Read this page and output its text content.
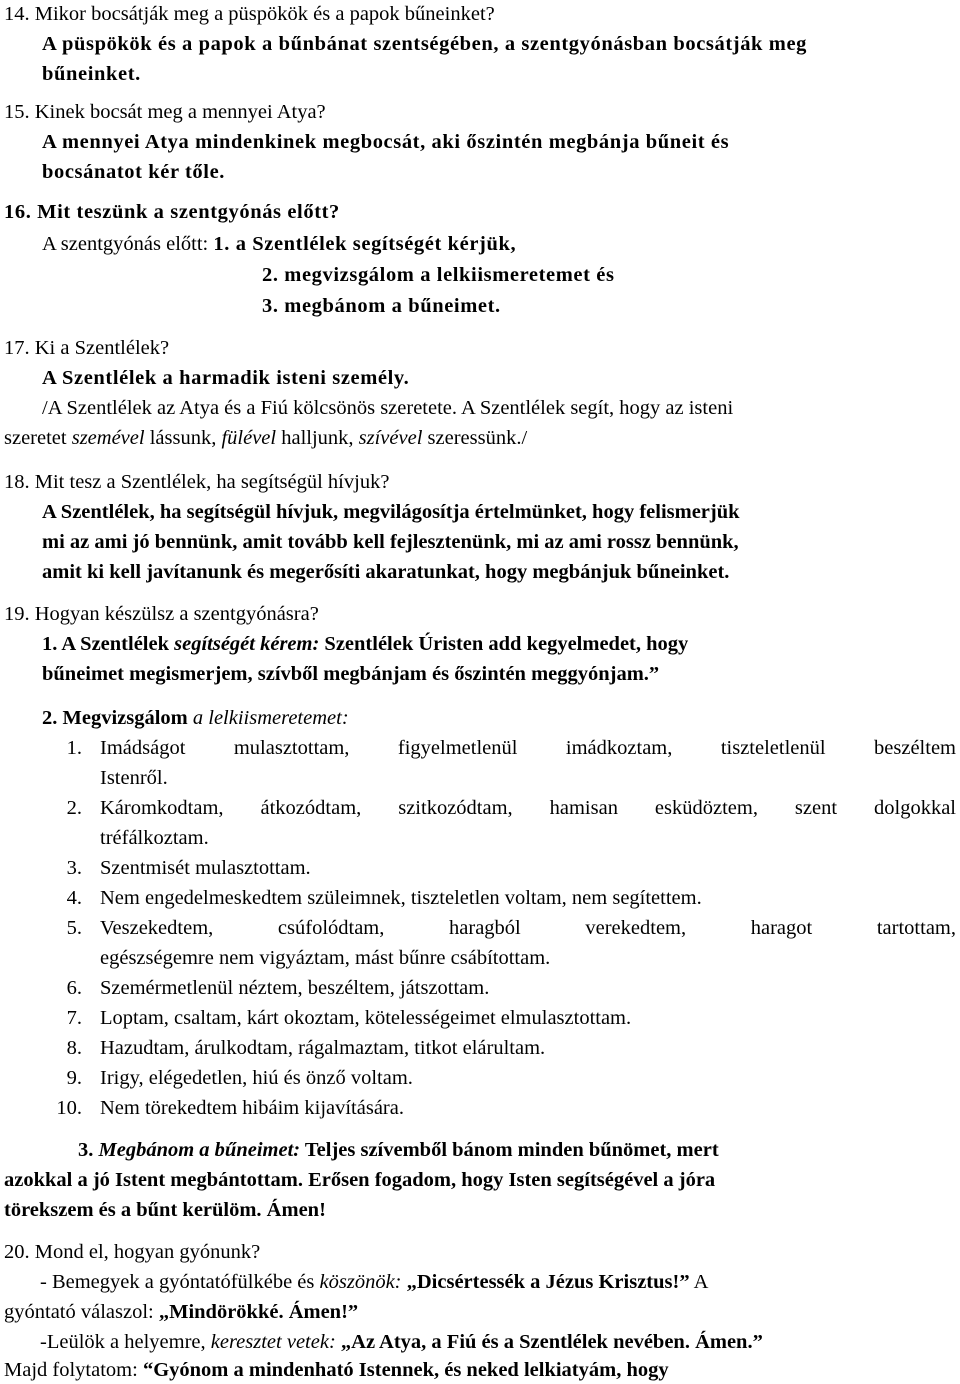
14. Mikor bocsátják meg a püspökök és a papok bűneinket?
A püspökök és a papok a bűnbánat szentségében, a szentgyónásban bocsátják meg
bűneinket.
15. Kinek bocsát meg a mennyei Atya?
A mennyei Atya mindenkinek megbocsát, aki őszintén megbánja bűneit és
bocsánatot kér tőle.
16. Mit teszünk a szentgyónás előtt?
A szentgyónás előtt: 1. a Szentlélek segítségét kérjük,
2. megvizsgálom a lelkiismeretemet és
3. megbánom a bűneimet.
17. Ki a Szentlélek?
A Szentlélek a harmadik isteni személy.
/A Szentlélek az Atya és a Fiú kölcsönös szeretete. A Szentlélek segít, hogy az isteni
szeretet szemével lássunk, fülével halljunk, szívével szeressünk./
18. Mit tesz a Szentlélek, ha segítségül hívjuk?
A Szentlélek, ha segítségül hívjuk, megvilágosítja értelmünket, hogy felismerjük
mi az ami jó bennünk, amit tovább kell fejlesztenünk, mi az ami rossz bennünk,
amit ki kell javítanunk és megerősíti akaratunkat, hogy megbánjuk bűneinket.
19. Hogyan készülsz a szentgyónásra?
1. A Szentlélek segítségét kérem: Szentlélek Úristen add kegyelmedet, hogy
bűneimet megismerjem, szívből megbánjam és őszintén meggyónjam.”
2. Megvizsgálom a lelkiismeretemet:
1. Imádságot mulasztottam, figyelmetlenül imádkoztam, tiszteletlenül beszéltem
Istenről.
2. Káromkodtam, átkozódtam, szitkozódtam, hamisan esküdöztem, szent dolgokkal
tréfálkoztam.
3. Szentmisét mulasztottam.
4. Nem engedelmeskedtem szüleimnek, tiszteletlen voltam, nem segítettem.
5. Veszekedtem, csúfolódtam, haragból verekedtem, haragot tartottam,
egészségemre nem vigyáztam, mást bűnre csábítottam.
6. Szemérmetlenül néztem, beszéltem, játszottam.
7. Loptam, csaltam, kárt okoztam, kötelességeimet elmulasztottam.
8. Hazudtam, árulkodtam, rágalmaztam, titkot elárultam.
9. Irigy, elégedetlen, hiú és önző voltam.
10. Nem törekedtem hibáim kijavítására.
3. Megbánom a bűneimet: Teljes szívemből bánom minden bűnömet, mert
azokkal a jó Istent megbántottam. Erősen fogadom, hogy Isten segítségével a jóra
törekszem és a bűnt kerülöm. Ámen!
20. Mond el, hogyan gyónunk?
- Bemegyek a gyóntatófülkébe és köszönök: „Dicsértessék a Jézus Krisztus!” A
gyóntató válaszol: „Mindörökké. Ámen!”
-Leülök a helyemre, keresztet vetek: „Az Atya, a Fiú és a Szentlélek nevében. Ámen.”
Majd folytatom: “Gyónom a mindenható Istennek, és neked lelkiatyám, hogy
